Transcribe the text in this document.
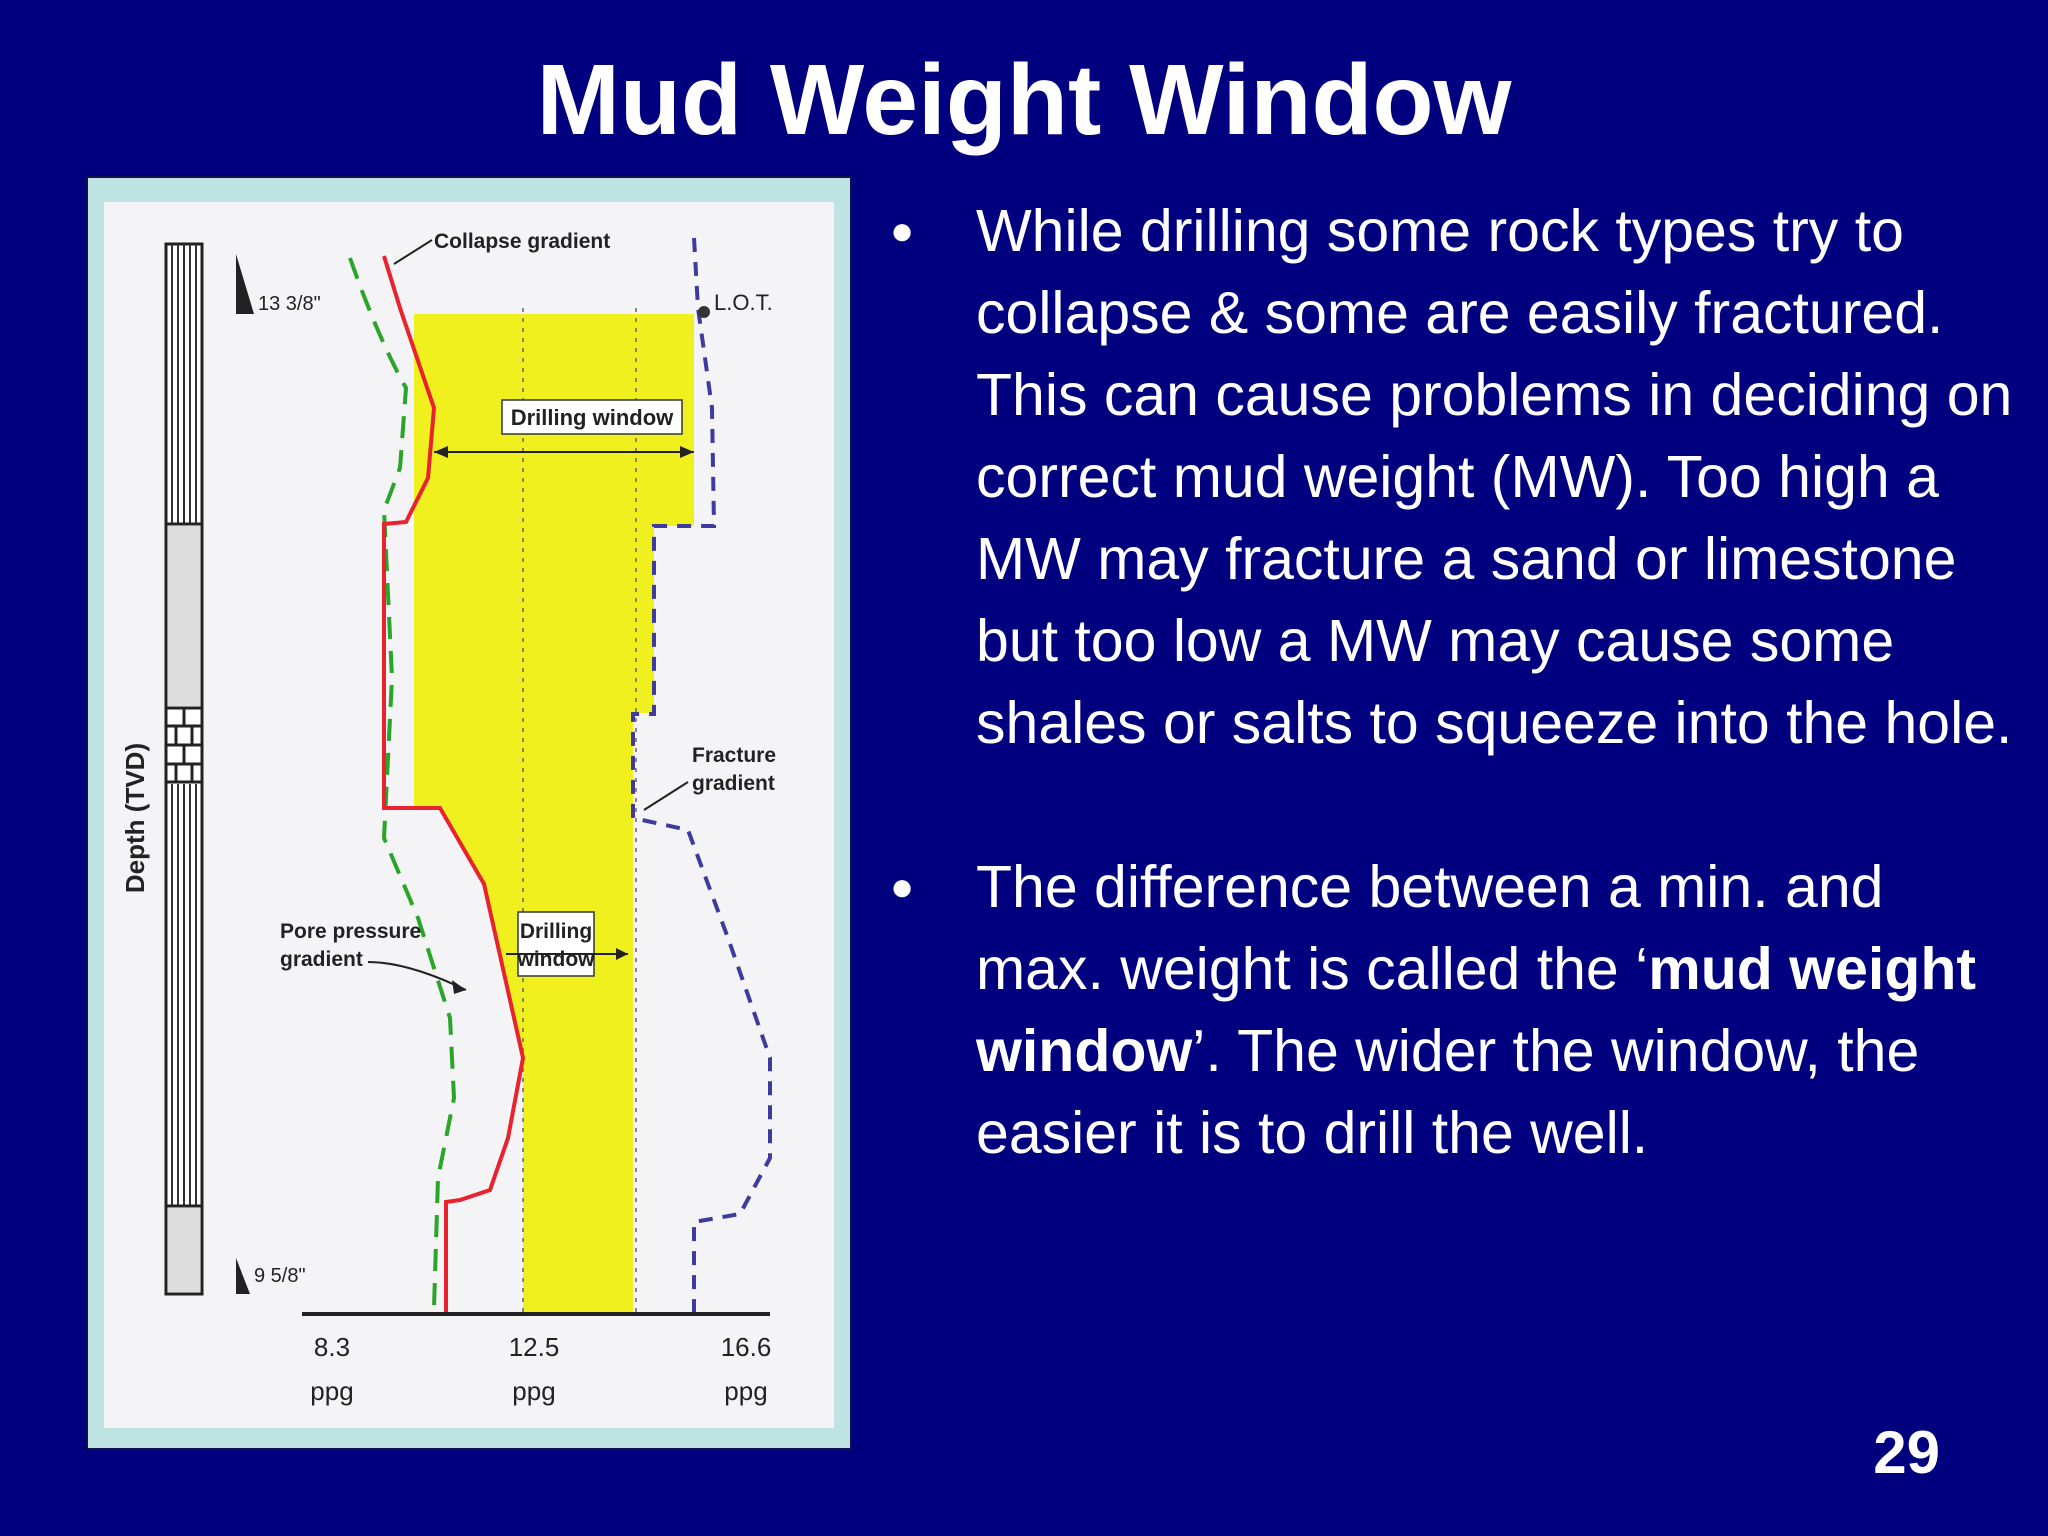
Mud Weight Window
13 3/8"
9 5/8"
Depth (TVD)
L.O.T.
Collapse gradient
Drilling window
Fracture
gradient
Pore pressure
gradient
Drilling
window
8.3
ppg
12.5
ppg
16.6
ppg
● While drilling some rock types try to collapse & some are easily fractured. This can cause problems in deciding on correct mud weight (MW). Too high a MW may fracture a sand or limestone but too low a MW may cause some shales or salts to squeeze into the hole.
● The difference between a min. and max. weight is called the ‘mud weight window’. The wider the window, the easier it is to drill the well.
29
